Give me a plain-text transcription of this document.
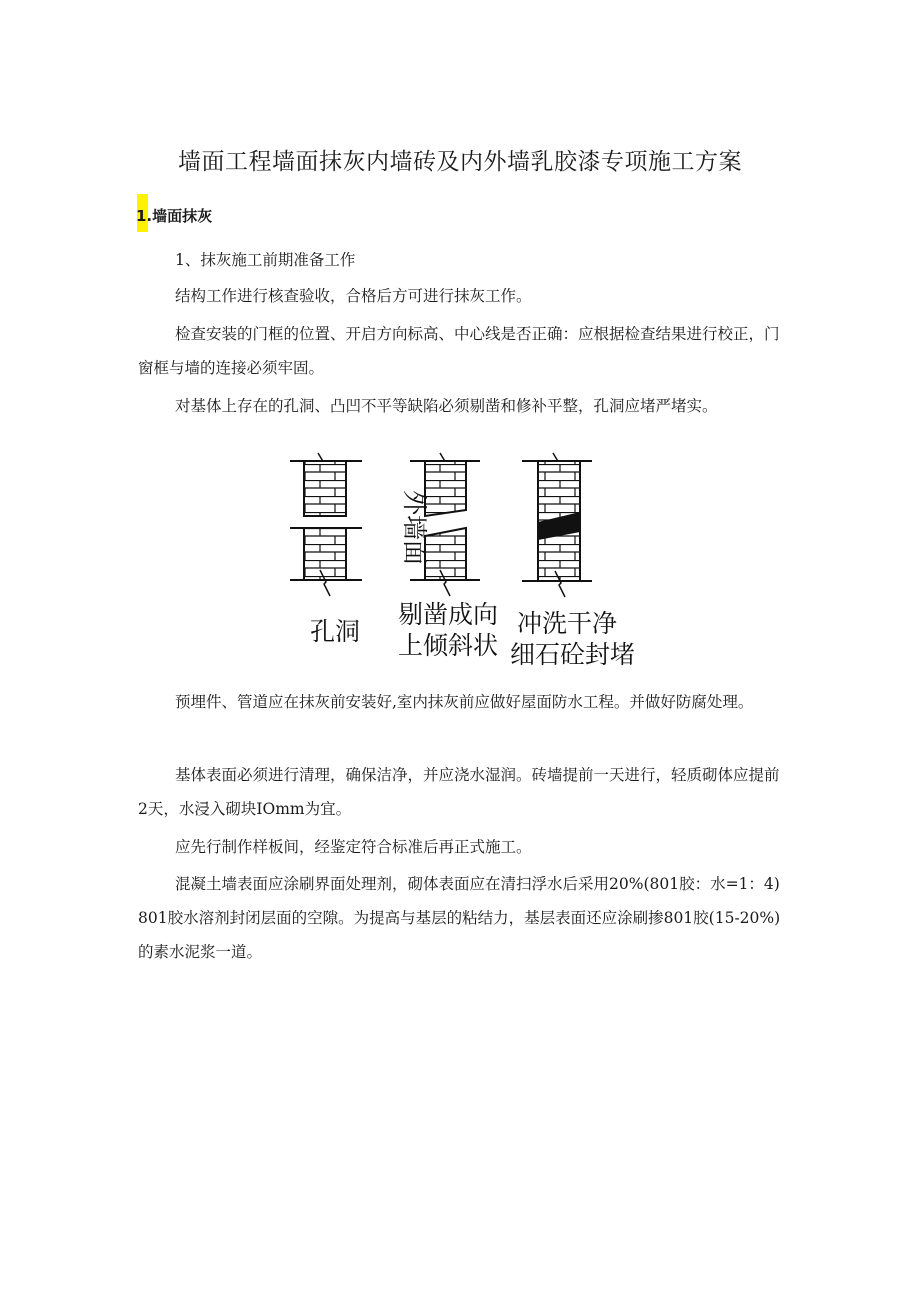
墙面工程墙面抹灰内墙砖及内外墙乳胶漆专项施工方案
1.墙面抹灰

1、抹灰施工前期准备工作

结构工作进行核查验收，合格后方可进行抹灰工作。

检查安装的门框的位置、开启方向标高、中心线是否正确：应根据检查结果进行校正，门窗框与墙的连接必须牢固。

对基体上存在的孔洞、凸凹不平等缺陷必须剔凿和修补平整，孔洞应堵严堵实。

外墙面
孔洞
剔凿成向
上倾斜状
冲洗干净
细石砼封堵

预埋件、管道应在抹灰前安装好,室内抹灰前应做好屋面防水工程。并做好防腐处理。

基体表面必须进行清理，确保洁净，并应浇水湿润。砖墙提前一天进行，轻质砌体应提前2天，水浸入砌块IOmm为宜。

应先行制作样板间，经鉴定符合标准后再正式施工。

混凝土墙表面应涂刷界面处理剂，砌体表面应在清扫浮水后采用20%(801胶：水=1：4)801胶水溶剂封闭层面的空隙。为提高与基层的粘结力，基层表面还应涂刷掺801胶(15-20%)的素水泥浆一道。
